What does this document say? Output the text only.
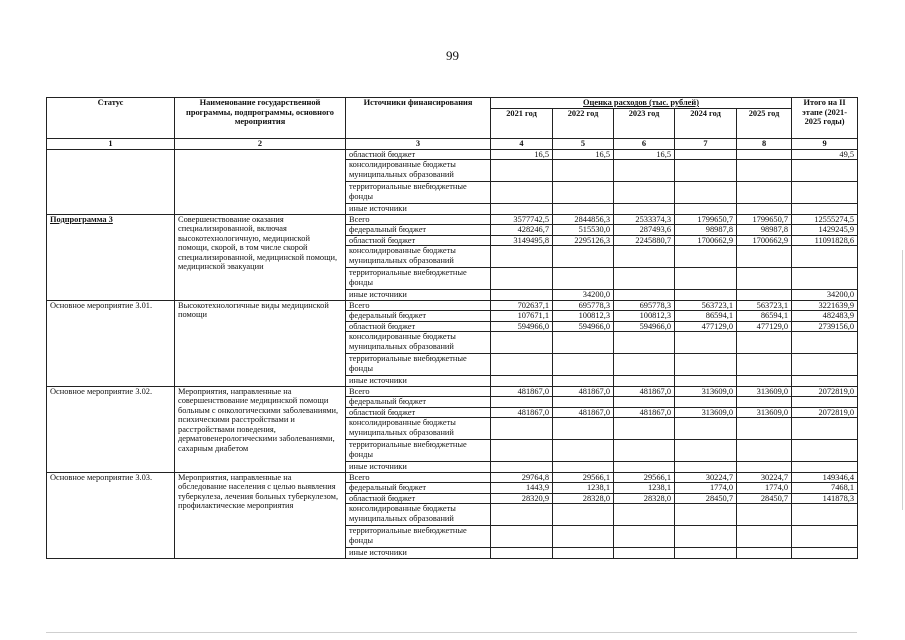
99
Статус	Наименование государственной программы, подпрограммы, основного мероприятия	Источники финансирования	Оценка расходов (тыс. рублей)					Итого на II этапе (2021-2025 годы)
			2021 год	2022 год	2023 год	2024 год	2025 год	
1	2	3	4	5	6	7	8	9
		областной бюджет	16,5	16,5	16,5			49,5
		консолидированные бюджеты муниципальных образований						
		территориальные внебюджетные фонды						
		иные источники						
Подпрограмма 3	Совершенствование оказания специализированной, включая высокотехнологичную, медицинской помощи, скорой, в том числе скорой специализированной, медицинской помощи, медицинской эвакуации	Всего	3577742,5	2844856,3	2533374,3	1799650,7	1799650,7	12555274,5
		федеральный бюджет	428246,7	515530,0	287493,6	98987,8	98987,8	1429245,9
		областной бюджет	3149495,8	2295126,3	2245880,7	1700662,9	1700662,9	11091828,6
		консолидированные бюджеты муниципальных образований						
		территориальные внебюджетные фонды						
		иные источники		34200,0				34200,0
Основное мероприятие 3.01.	Высокотехнологичные виды медицинской помощи	Всего	702637,1	695778,3	695778,3	563723,1	563723,1	3221639,9
		федеральный бюджет	107671,1	100812,3	100812,3	86594,1	86594,1	482483,9
		областной бюджет	594966,0	594966,0	594966,0	477129,0	477129,0	2739156,0
		консолидированные бюджеты муниципальных образований						
		территориальные внебюджетные фонды						
		иные источники						
Основное мероприятие 3.02.	Мероприятия, направленные на совершенствование медицинской помощи больным с онкологическими заболеваниями, психическими расстройствами и расстройствами поведения, дерматовенерологическими заболеваниями, сахарным диабетом	Всего	481867,0	481867,0	481867,0	313609,0	313609,0	2072819,0
		федеральный бюджет						
		областной бюджет	481867,0	481867,0	481867,0	313609,0	313609,0	2072819,0
		консолидированные бюджеты муниципальных образований						
		территориальные внебюджетные фонды						
		иные источники						
Основное мероприятие 3.03.	Мероприятия, направленные на обследование населения с целью выявления туберкулеза, лечения больных туберкулезом, профилактические мероприятия	Всего	29764,8	29566,1	29566,1	30224,7	30224,7	149346,4
		федеральный бюджет	1443,9	1238,1	1238,1	1774,0	1774,0	7468,1
		областной бюджет	28320,9	28328,0	28328,0	28450,7	28450,7	141878,3
		консолидированные бюджеты муниципальных образований						
		территориальные внебюджетные фонды						
		иные источники						
